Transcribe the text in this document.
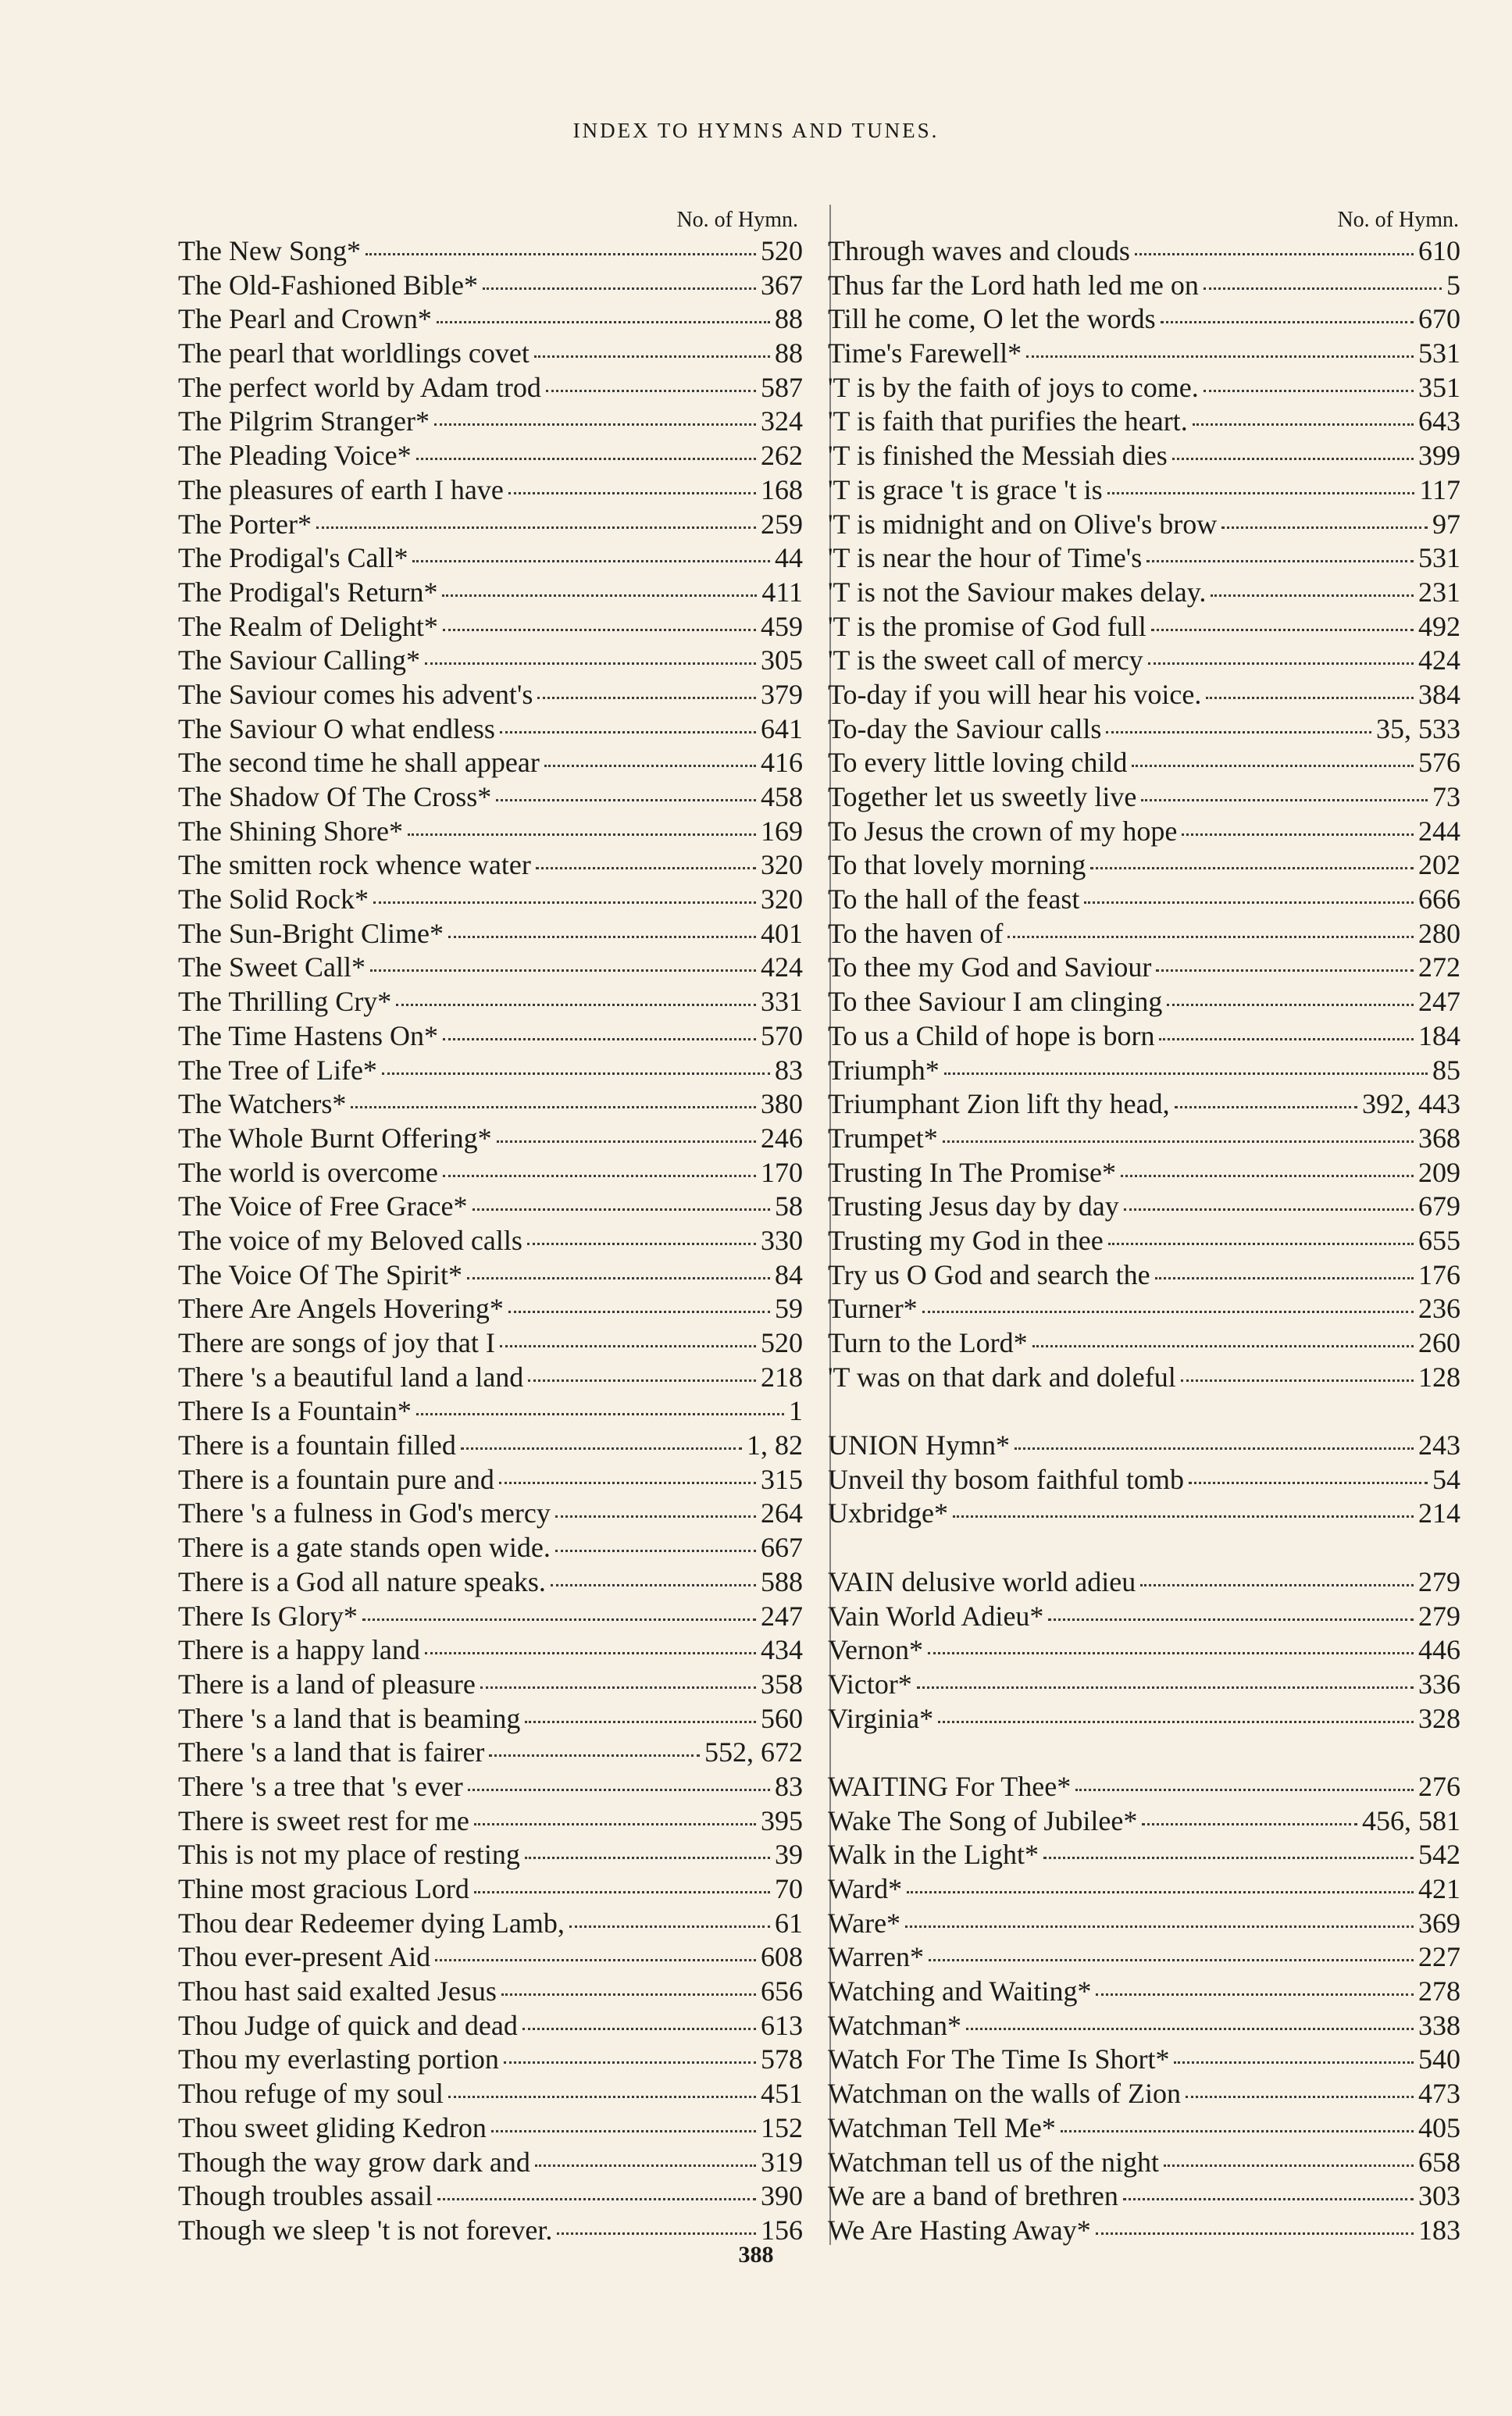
INDEX TO HYMNS AND TUNES.
No. of Hymn.
The New Song*	520
The Old-Fashioned Bible*	367
The Pearl and Crown*	88
The pearl that worldlings covet	88
The perfect world by Adam trod	587
The Pilgrim Stranger*	324
The Pleading Voice*	262
The pleasures of earth I have	168
The Porter*	259
The Prodigal's Call*	44
The Prodigal's Return*	411
The Realm of Delight*	459
The Saviour Calling*	305
The Saviour comes his advent's	379
The Saviour O what endless	641
The second time he shall appear	416
The Shadow Of The Cross*	458
The Shining Shore*	169
The smitten rock whence water	320
The Solid Rock*	320
The Sun-Bright Clime*	401
The Sweet Call*	424
The Thrilling Cry*	331
The Time Hastens On*	570
The Tree of Life*	83
The Watchers*	380
The Whole Burnt Offering*	246
The world is overcome	170
The Voice of Free Grace*	58
The voice of my Beloved calls	330
The Voice Of The Spirit*	84
There Are Angels Hovering*	59
There are songs of joy that I	520
There 's a beautiful land a land	218
There Is a Fountain*	1
There is a fountain filled	1, 82
There is a fountain pure and	315
There 's a fulness in God's mercy	264
There is a gate stands open wide.	667
There is a God all nature speaks.	588
There Is Glory*	247
There is a happy land	434
There is a land of pleasure	358
There 's a land that is beaming	560
There 's a land that is fairer	552, 672
There 's a tree that 's ever	83
There is sweet rest for me	395
This is not my place of resting	39
Thine most gracious Lord	70
Thou dear Redeemer dying Lamb,	61
Thou ever-present Aid	608
Thou hast said exalted Jesus	656
Thou Judge of quick and dead	613
Thou my everlasting portion	578
Thou refuge of my soul	451
Thou sweet gliding Kedron	152
Though the way grow dark and	319
Though troubles assail	390
Though we sleep 't is not forever.	156
No. of Hymn.
Through waves and clouds	610
Thus far the Lord hath led me on	5
Till he come, O let the words	670
Time's Farewell*	531
'T is by the faith of joys to come.	351
'T is faith that purifies the heart.	643
'T is finished the Messiah dies	399
'T is grace 't is grace 't is	117
'T is midnight and on Olive's brow	97
'T is near the hour of Time's	531
'T is not the Saviour makes delay.	231
'T is the promise of God full	492
'T is the sweet call of mercy	424
To-day if you will hear his voice.	384
To-day the Saviour calls	35, 533
To every little loving child	576
Together let us sweetly live	73
To Jesus the crown of my hope	244
To that lovely morning	202
To the hall of the feast	666
To the haven of	280
To thee my God and Saviour	272
To thee Saviour I am clinging	247
To us a Child of hope is born	184
Triumph*	85
Triumphant Zion lift thy head,	392, 443
Trumpet*	368
Trusting In The Promise*	209
Trusting Jesus day by day	679
Trusting my God in thee	655
Try us O God and search the	176
Turner*	236
Turn to the Lord*	260
'T was on that dark and doleful	128
UNION Hymn*	243
Unveil thy bosom faithful tomb	54
Uxbridge*	214
VAIN delusive world adieu	279
Vain World Adieu*	279
Vernon*	446
Victor*	336
Virginia*	328
WAITING For Thee*	276
Wake The Song of Jubilee*	456, 581
Walk in the Light*	542
Ward*	421
Ware*	369
Warren*	227
Watching and Waiting*	278
Watchman*	338
Watch For The Time Is Short*	540
Watchman on the walls of Zion	473
Watchman Tell Me*	405
Watchman tell us of the night	658
We are a band of brethren	303
We Are Hasting Away*	183
388
